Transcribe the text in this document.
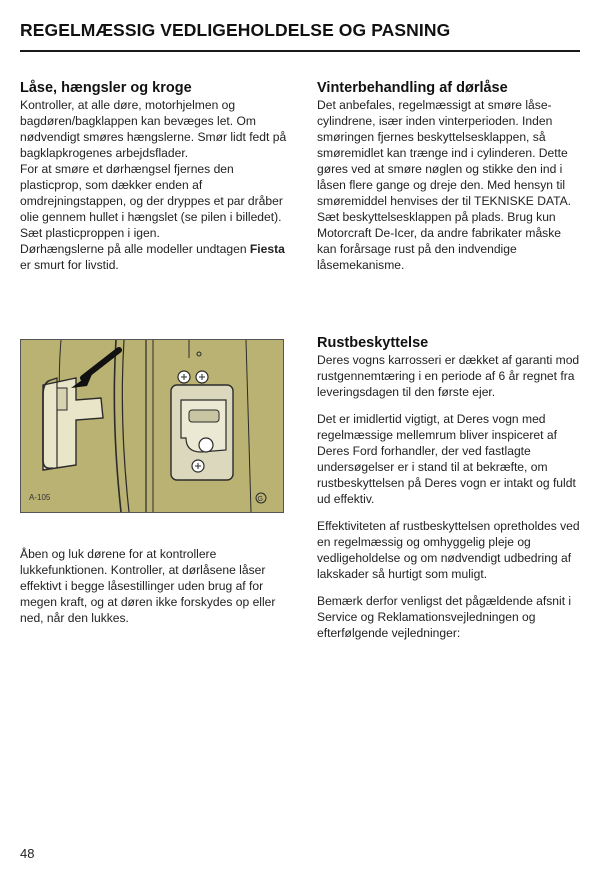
REGELMÆSSIG VEDLIGEHOLDELSE OG PASNING
Låse, hængsler og kroge

Kontroller, at alle døre, motorhjelmen og bagdøren/bagklappen kan bevæges let. Om nødvendigt smøres hængslerne. Smør lidt fedt på bagklapkrogenes arbejdsflader.

For at smøre et dørhængsel fjernes den plasticprop, som dækker enden af omdrejningstappen, og der dryppes et par dråber olie gennem hullet i hængslet (se pilen i billedet). Sæt plasticproppen i igen.

Dørhængslerne på alle modeller undtagen Fiesta er smurt for livstid.

A-105	G

Åben og luk dørene for at kontrollere lukkefunktionen. Kontroller, at dørlåsene låser effektivt i begge låsestillinger uden brug af for megen kraft, og at døren ikke forskydes op eller ned, når den lukkes.

Vinterbehandling af dørlåse

Det anbefales, regelmæssigt at smøre låse-cylindrene, især inden vinterperioden. Inden smøringen fjernes beskyttelsesklappen, så smøremidlet kan trænge ind i cylinderen. Dette gøres ved at smøre nøglen og stikke den ind i låsen flere gange og dreje den. Med hensyn til smøremiddel henvises der til TEKNISKE DATA. Sæt beskyttelsesklappen på plads. Brug kun Motorcraft De-Icer, da andre fabrikater måske kan forårsage rust på den indvendige låsemekanisme.

Rustbeskyttelse

Deres vogns karrosseri er dækket af garanti mod rustgennemtæring i en periode af 6 år regnet fra leveringsdagen til den første ejer.

Det er imidlertid vigtigt, at Deres vogn med regelmæssige mellemrum bliver inspiceret af Deres Ford forhandler, der ved fastlagte undersøgelser er i stand til at bekræfte, om rustbeskyttelsen på Deres vogn er intakt og fuldt ud effektiv.

Effektiviteten af rustbeskyttelsen opretholdes ved en regelmæssig og omhyggelig pleje og vedligeholdelse og om nødvendigt udbedring af lakskader så hurtigt som muligt.

Bemærk derfor venligst det pågældende afsnit i Service og Reklamationsvejledningen og efterfølgende vejledninger:

48
